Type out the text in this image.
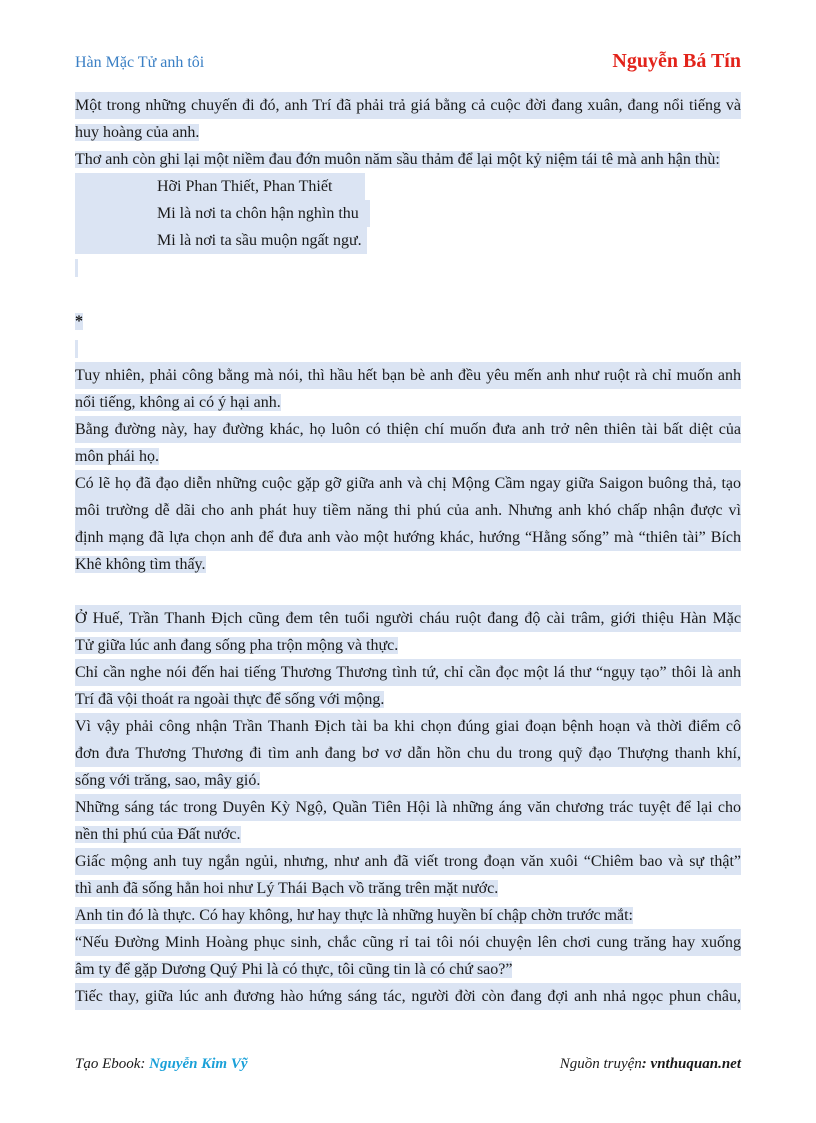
Hàn Mặc Tử anh tôi	Nguyễn Bá Tín
Một trong những chuyến đi đó, anh Trí đã phải trả giá bằng cả cuộc đời đang xuân, đang nổi tiếng và
huy hoàng của anh.
Thơ anh còn ghi lại một niềm đau đớn muôn năm sầu thảm để lại một kỷ niệm tái tê mà anh hận thù:
Hỡi Phan Thiết, Phan Thiết
Mi là nơi ta chôn hận nghìn thu
Mi là nơi ta sầu muộn ngất ngư.
*
Tuy nhiên, phải công bằng mà nói, thì hầu hết bạn bè anh đều yêu mến anh như ruột rà chỉ muốn anh
nổi tiếng, không ai có ý hại anh.
Bằng đường này, hay đường khác, họ luôn có thiện chí muốn đưa anh trở nên thiên tài bất diệt của
môn phái họ.
Có lẽ họ đã đạo diễn những cuộc gặp gỡ giữa anh và chị Mộng Cầm ngay giữa Saigon buông thả, tạo
môi trường dễ dãi cho anh phát huy tiềm năng thi phú của anh. Nhưng anh khó chấp nhận được vì
định mạng đã lựa chọn anh để đưa anh vào một hướng khác, hướng “Hằng sống” mà “thiên tài” Bích
Khê không tìm thấy.
Ở Huế, Trần Thanh Địch cũng đem tên tuổi người cháu ruột đang độ cài trâm, giới thiệu Hàn Mặc
Tử giữa lúc anh đang sống pha trộn mộng và thực.
Chỉ cần nghe nói đến hai tiếng Thương Thương tình tứ, chỉ cần đọc một lá thư “ngụy tạo” thôi là anh
Trí đã vội thoát ra ngoài thực để sống với mộng.
Vì vậy phải công nhận Trần Thanh Địch tài ba khi chọn đúng giai đoạn bệnh hoạn và thời điểm cô
đơn đưa Thương Thương đi tìm anh đang bơ vơ dẫn hồn chu du trong quỹ đạo Thượng thanh khí,
sống với trăng, sao, mây gió.
Những sáng tác trong Duyên Kỳ Ngộ, Quần Tiên Hội là những áng văn chương trác tuyệt để lại cho
nền thi phú của Đất nước.
Giấc mộng anh tuy ngắn ngủi, nhưng, như anh đã viết trong đoạn văn xuôi “Chiêm bao và sự thật”
thì anh đã sống hẳn hoi như Lý Thái Bạch vồ trăng trên mặt nước.
Anh tin đó là thực. Có hay không, hư hay thực là những huyền bí chập chờn trước mắt:
“Nếu Đường Minh Hoàng phục sinh, chắc cũng rỉ tai tôi nói chuyện lên chơi cung trăng hay xuống
âm ty để gặp Dương Quý Phi là có thực, tôi cũng tin là có chứ sao?”
Tiếc thay, giữa lúc anh đương hào hứng sáng tác, người đời còn đang đợi anh nhả ngọc phun châu,
Tạo Ebook: Nguyễn Kim Vỹ	Nguồn truyện: vnthuquan.net
